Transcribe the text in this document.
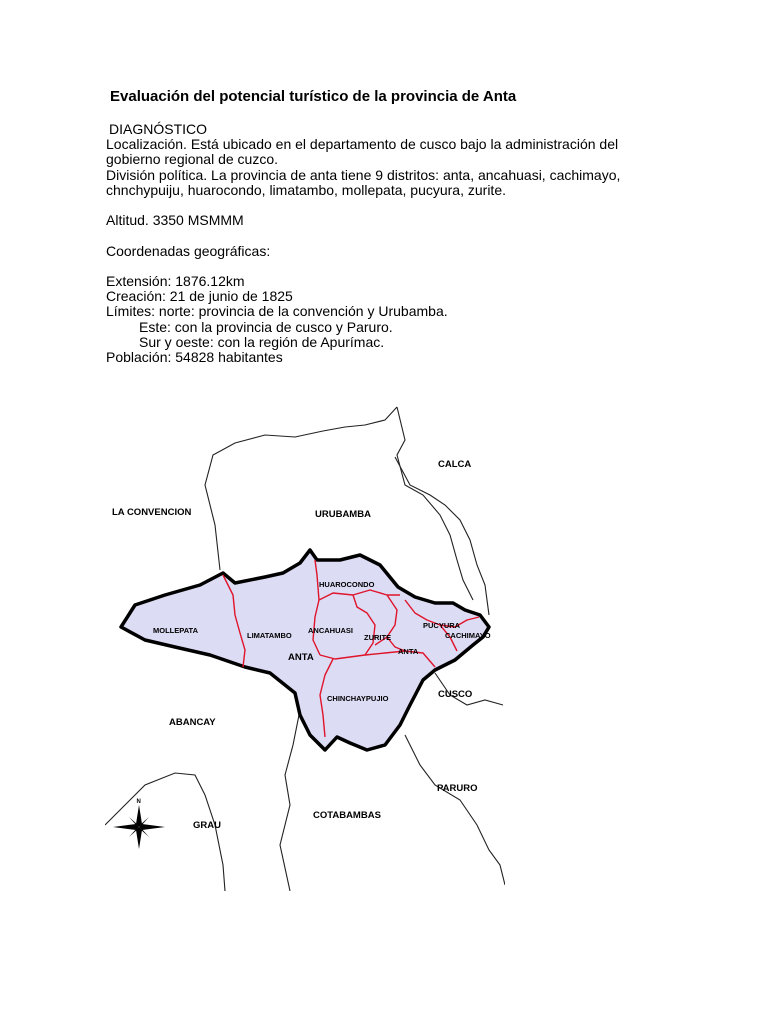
Evaluación del potencial turístico de la provincia de Anta
DIAGNÓSTICO
Localización. Está ubicado en el departamento de cusco bajo la administración del
gobierno regional de cuzco.
División política. La provincia de anta tiene 9 distritos: anta, ancahuasi, cachimayo,
chnchypuiju, huarocondo, limatambo, mollepata, pucyura, zurite.
Altitud. 3350 MSMMM
Coordenadas geográficas:
Extensión: 1876.12km
Creación: 21 de junio de 1825
Límites: norte: provincia de la convención y Urubamba.
Este: con la provincia de cusco y Paruro.
Sur y oeste: con la región de Apurímac.
Población: 54828 habitantes
CALCA
LA CONVENCION	URUBAMBA
CUSCO
ABANCAY
PARURO
GRAU
COTABAMBAS
HUAROCONDO
MOLLEPATA
LIMATAMBO
ANCAHUASI
ZURITE
PUCYURA
CACHIMAYO
ANTA
CHINCHAYPUJIO
ANTA
N
